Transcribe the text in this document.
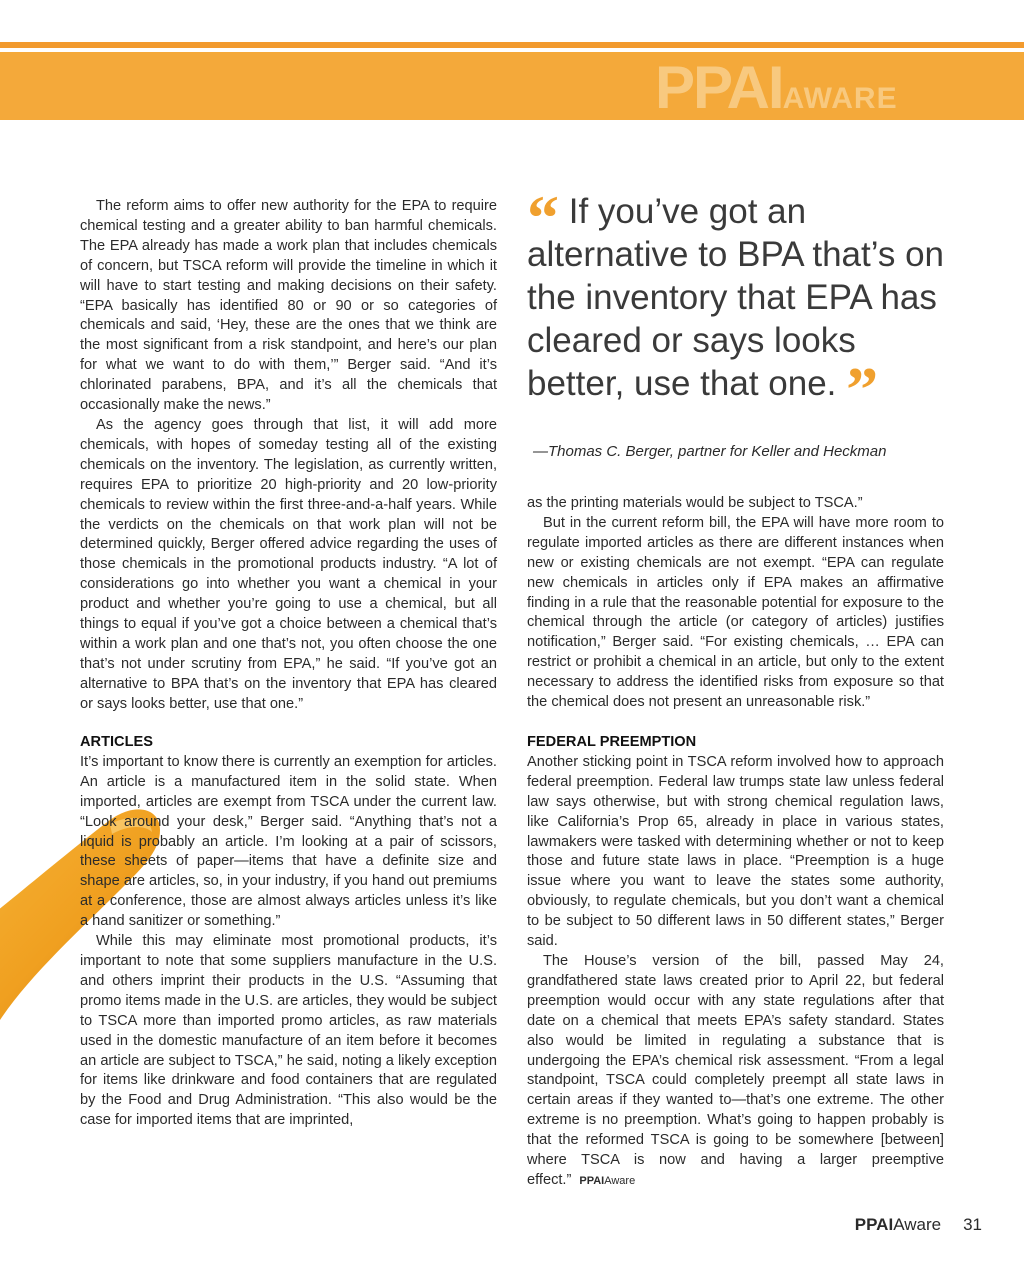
PPAIAWARE

The reform aims to offer new authority for the EPA to require chemical testing and a greater ability to ban harmful chemicals. The EPA already has made a work plan that includes chemicals of concern, but TSCA reform will provide the timeline in which it will have to start testing and making decisions on their safety. “EPA basically has identified 80 or 90 or so categories of chemicals and said, ‘Hey, these are the ones that we think are the most significant from a risk standpoint, and here’s our plan for what we want to do with them,’” Berger said. “And it’s chlorinated parabens, BPA, and it’s all the chemicals that occasionally make the news.”

As the agency goes through that list, it will add more chemicals, with hopes of someday testing all of the existing chemicals on the inventory. The legislation, as currently written, requires EPA to prioritize 20 high-priority and 20 low-priority chemicals to review within the first three-and-a-half years. While the verdicts on the chemicals on that work plan will not be determined quickly, Berger offered advice regarding the uses of those chemicals in the promotional products industry. “A lot of considerations go into whether you want a chemical in your product and whether you’re going to use a chemical, but all things to equal if you’ve got a choice between a chemical that’s within a work plan and one that’s not, you often choose the one that’s not under scrutiny from EPA,” he said. “If you’ve got an alternative to BPA that’s on the inventory that EPA has cleared or says looks better, use that one.”

ARTICLES

It’s important to know there is currently an exemption for articles. An article is a manufactured item in the solid state. When imported, articles are exempt from TSCA under the current law. “Look around your desk,” Berger said. “Anything that’s not a liquid is probably an article. I’m looking at a pair of scissors, these sheets of paper—items that have a definite size and shape are articles, so, in your industry, if you hand out premiums at a conference, those are almost always articles unless it’s like a hand sanitizer or something.”

While this may eliminate most promotional products, it’s important to note that some suppliers manufacture in the U.S. and others imprint their products in the U.S. “Assuming that promo items made in the U.S. are articles, they would be subject to TSCA more than imported promo articles, as raw materials used in the domestic manufacture of an item before it becomes an article are subject to TSCA,” he said, noting a likely exception for items like drinkware and food containers that are regulated by the Food and Drug Administration. “This also would be the case for imported items that are imprinted,

“ If you’ve got an alternative to BPA that’s on the inventory that EPA has cleared or says looks better, use that one. ”
—Thomas C. Berger, partner for Keller and Heckman

as the printing materials would be subject to TSCA.”

But in the current reform bill, the EPA will have more room to regulate imported articles as there are different instances when new or existing chemicals are not exempt. “EPA can regulate new chemicals in articles only if EPA makes an affirmative finding in a rule that the reasonable potential for exposure to the chemical through the article (or category of articles) justifies notification,” Berger said. “For existing chemicals, … EPA can restrict or prohibit a chemical in an article, but only to the extent necessary to address the identified risks from exposure so that the chemical does not present an unreasonable risk.”

FEDERAL PREEMPTION

Another sticking point in TSCA reform involved how to approach federal preemption. Federal law trumps state law unless federal law says otherwise, but with strong chemical regulation laws, like California’s Prop 65, already in place in various states, lawmakers were tasked with determining whether or not to keep those and future state laws in place. “Preemption is a huge issue where you want to leave the states some authority, obviously, to regulate chemicals, but you don’t want a chemical to be subject to 50 different laws in 50 different states,” Berger said.

The House’s version of the bill, passed May 24, grandfathered state laws created prior to April 22, but federal preemption would occur with any state regulations after that date on a chemical that meets EPA’s safety standard. States also would be limited in regulating a substance that is undergoing the EPA’s chemical risk assessment. “From a legal standpoint, TSCA could completely preempt all state laws in certain areas if they wanted to—that’s one extreme. The other extreme is no preemption. What’s going to happen probably is that the reformed TSCA is going to be somewhere [between] where TSCA is now and having a larger preemptive effect.” PPAIAware

PPAIAware 31
